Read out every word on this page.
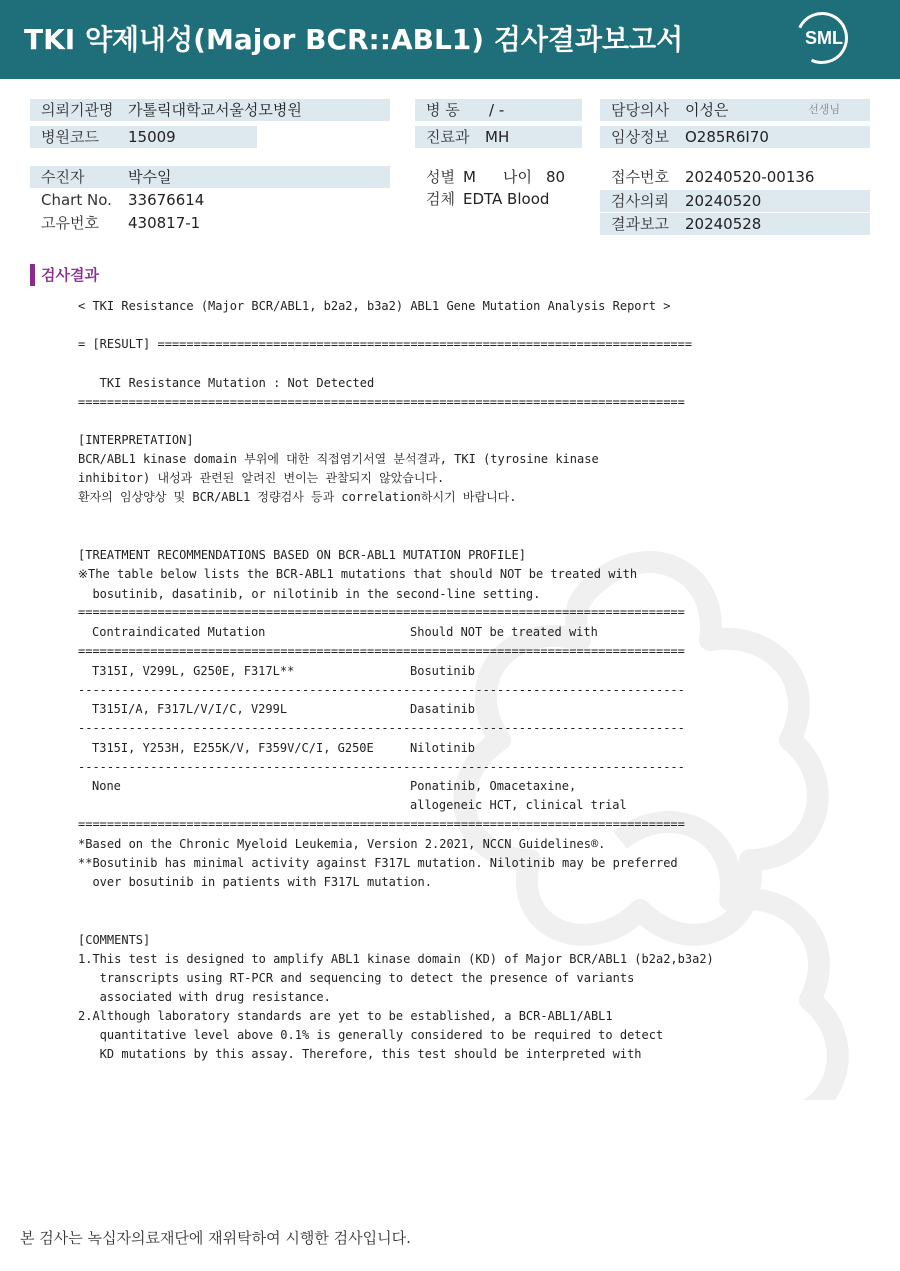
TKI 약제내성(Major BCR::ABL1) 검사결과보고서	SML
의뢰기관명 가톨릭대학교서울성모병원	병 동 / -	담당의사 이성은	선생님
병원코드 15009	진료과 MH	임상정보 O285R6I70
수진자	박수일	성별 M 나이 80	접수번호 20240520-00136
Chart No. 33676614	검체 EDTA Blood	검사의뢰 20240520
고유번호 430817-1	결과보고 20240528
검사결과
< TKI Resistance (Major BCR/ABL1, b2a2, b3a2) ABL1 Gene Mutation Analysis Report >
= [RESULT] ==========================================================================
TKI Resistance Mutation : Not Detected
====================================================================================
[INTERPRETATION]
BCR/ABL1 kinase domain 부위에 대한 직접염기서열 분석결과, TKI (tyrosine kinase
inhibitor) 내성과 관련된 알려진 변이는 관찰되지 않았습니다.
환자의 임상양상 및 BCR/ABL1 정량검사 등과 correlation하시기 바랍니다.
[TREATMENT RECOMMENDATIONS BASED ON BCR-ABL1 MUTATION PROFILE]
※The table below lists the BCR-ABL1 mutations that should NOT be treated with
bosutinib, dasatinib, or nilotinib in the second-line setting.
====================================================================================
Contraindicated Mutation	Should NOT be treated with
====================================================================================
T315I, V299L, G250E, F317L**	Bosutinib
------------------------------------------------------------------------------------
T315I/A, F317L/V/I/C, V299L	Dasatinib
------------------------------------------------------------------------------------
T315I, Y253H, E255K/V, F359V/C/I, G250E	Nilotinib
------------------------------------------------------------------------------------
None	Ponatinib, Omacetaxine,
allogeneic HCT, clinical trial
====================================================================================
*Based on the Chronic Myeloid Leukemia, Version 2.2021, NCCN Guidelines®.
**Bosutinib has minimal activity against F317L mutation. Nilotinib may be preferred
over bosutinib in patients with F317L mutation.
[COMMENTS]
1.This test is designed to amplify ABL1 kinase domain (KD) of Major BCR/ABL1 (b2a2,b3a2)
transcripts using RT-PCR and sequencing to detect the presence of variants
associated with drug resistance.
2.Although laboratory standards are yet to be established, a BCR-ABL1/ABL1
quantitative level above 0.1% is generally considered to be required to detect
KD mutations by this assay. Therefore, this test should be interpreted with
본 검사는 녹십자의료재단에 재위탁하여 시행한 검사입니다.
